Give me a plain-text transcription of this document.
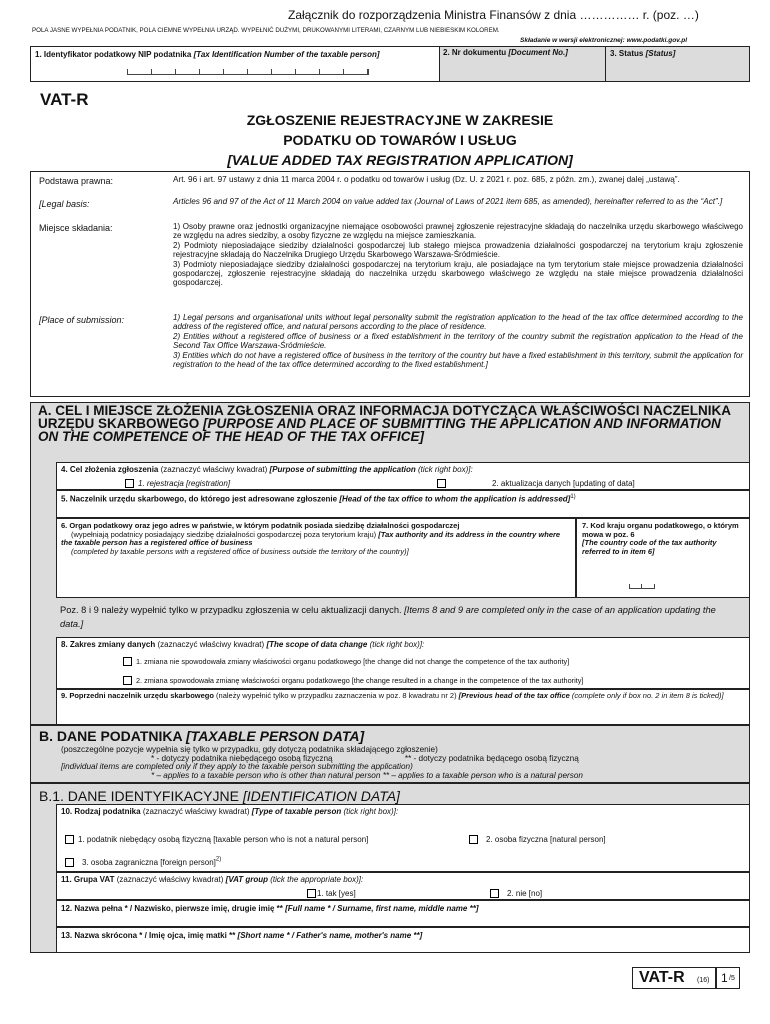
Załącznik do rozporządzenia Ministra Finansów z dnia …………… r. (poz. …)
POLA JASNE WYPEŁNIA PODATNIK, POLA CIEMNE WYPEŁNIA URZĄD. WYPEŁNIĆ DUŻYMI, DRUKOWANYMI LITERAMI, CZARNYM LUB NIEBIESKIM KOLOREM.
Składanie w wersji elektronicznej: www.podatki.gov.pl
1. Identyfikator podatkowy NIP podatnika [Tax Identification Number of the taxable person]	2. Nr dokumentu [Document No.]	3. Status [Status]
VAT-R
ZGŁOSZENIE REJESTRACYJNE W ZAKRESIE
PODATKU OD TOWARÓW I USŁUG
[VALUE ADDED TAX REGISTRATION APPLICATION]
Podstawa prawna:	Art. 96 i art. 97 ustawy z dnia 11 marca 2004 r. o podatku od towarów i usług (Dz. U. z 2021 r. poz. 685, z późn. zm.), zwanej dalej „ustawą”.
[Legal basis:	Articles 96 and 97 of the Act of 11 March 2004 on value added tax (Journal of Laws of 2021 item 685, as amended), hereinafter referred to as the “Act”.]
Miejsce składania:	1) Osoby prawne oraz jednostki organizacyjne niemające osobowości prawnej zgłoszenie rejestracyjne składają do naczelnika urzędu skarbowego właściwego ze względu na adres siedziby, a osoby fizyczne ze względu na miejsce zamieszkania.
2) Podmioty nieposiadające siedziby działalności gospodarczej lub stałego miejsca prowadzenia działalności gospodarczej na terytorium kraju zgłoszenie rejestracyjne składają do Naczelnika Drugiego Urzędu Skarbowego Warszawa-Śródmieście.
3) Podmioty nieposiadające siedziby działalności gospodarczej na terytorium kraju, ale posiadające na tym terytorium stałe miejsce prowadzenia działalności gospodarczej, zgłoszenie rejestracyjne składają do naczelnika urzędu skarbowego właściwego ze względu na stałe miejsce prowadzenia działalności gospodarczej.
[Place of submission:	1) Legal persons and organisational units without legal personality submit the registration application to the head of the tax office determined according to the address of the registered office, and natural persons according to the place of residence.
2) Entities without a registered office of business or a fixed establishment in the territory of the country submit the registration application to the Head of the Second Tax Office Warszawa-Śródmieście.
3) Entities which do not have a registered office of business in the territory of the country but have a fixed establishment in this territory, submit the application for registration to the head of the tax office determined according to the fixed establishment.]
A. CEL I MIEJSCE ZŁOŻENIA ZGŁOSZENIA ORAZ INFORMACJA DOTYCZĄCA WŁAŚCIWOŚCI NACZELNIKA URZĘDU SKARBOWEGO [PURPOSE AND PLACE OF SUBMITTING THE APPLICATION AND INFORMATION ON THE COMPETENCE OF THE HEAD OF THE TAX OFFICE]
4. Cel złożenia zgłoszenia (zaznaczyć właściwy kwadrat) [Purpose of submitting the application (tick right box)]:
1. rejestracja [registration]	2. aktualizacja danych [updating of data]
5. Naczelnik urzędu skarbowego, do którego jest adresowane zgłoszenie [Head of the tax office to whom the application is addressed]$^{1)}$
6. Organ podatkowy oraz jego adres w państwie, w którym podatnik posiada siedzibę działalności gospodarczej
(wypełniają podatnicy posiadający siedzibę działalności gospodarczej poza terytorium kraju) [Tax authority and its address in the country where the taxable person has a registered office of business
(completed by taxable persons with a registered office of business outside the territory of the country)]
7. Kod kraju organu podatkowego, o którym mowa w poz. 6
[The country code of the tax authority referred to in item 6]
Poz. 8 i 9 należy wypełnić tylko w przypadku zgłoszenia w celu aktualizacji danych. [Items 8 and 9 are completed only in the case of an application updating the data.]
8. Zakres zmiany danych (zaznaczyć właściwy kwadrat) [The scope of data change (tick right box)]:
1. zmiana nie spowodowała zmiany właściwości organu podatkowego [the change did not change the competence of the tax authority]
2. zmiana spowodowała zmianę właściwości organu podatkowego [the change resulted in a change in the competence of the tax authority]
9. Poprzedni naczelnik urzędu skarbowego (należy wypełnić tylko w przypadku zaznaczenia w poz. 8 kwadratu nr 2) [Previous head of the tax office (complete only if box no. 2 in item 8 is ticked)]
B. DANE PODATNIKA [TAXABLE PERSON DATA]
(poszczególne pozycje wypełnia się tylko w przypadku, gdy dotyczą podatnika składającego zgłoszenie)
* - dotyczy podatnika niebędącego osobą fizyczną	** - dotyczy podatnika będącego osobą fizyczną
[individual items are completed only if they apply to the taxable person submitting the application)
* – applies to a taxable person who is other than natural person ** – applies to a taxable person who is a natural person
B.1. DANE IDENTYFIKACYJNE [IDENTIFICATION DATA]
10. Rodzaj podatnika (zaznaczyć właściwy kwadrat) [Type of taxable person (tick right box)]:
1. podatnik niebędący osobą fizyczną [taxable person who is not a natural person]	2. osoba fizyczna [natural person]
3. osoba zagraniczna [foreign person]$^{2)}$
11. Grupa VAT (zaznaczyć właściwy kwadrat) [VAT group (tick the appropriate box)]:
1. tak [yes]	2. nie [no]
12. Nazwa pełna * / Nazwisko, pierwsze imię, drugie imię ** [Full name * / Surname, first name, middle name **]
13. Nazwa skrócona * / Imię ojca, imię matki ** [Short name * / Father's name, mother's name **]
VAT-R (16) 1 /5
